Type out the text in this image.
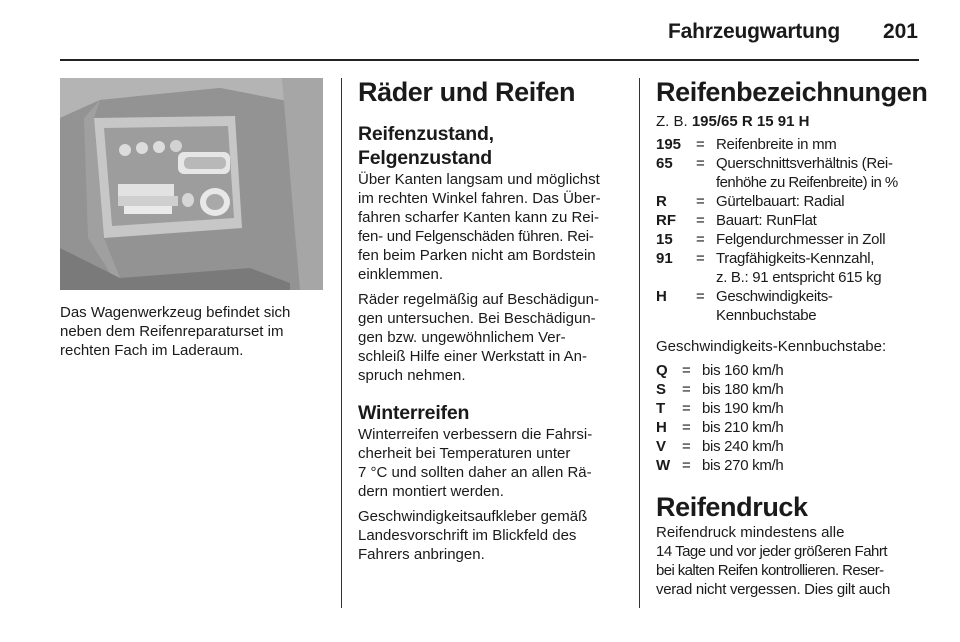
Fahrzeugwartung 201
Das Wagenwerkzeug befindet sich
neben dem Reifenreparaturset im
rechten Fach im Laderaum.
Räder und Reifen
Reifenzustand, Felgenzustand
Über Kanten langsam und möglichst
im rechten Winkel fahren. Das Über-
fahren scharfer Kanten kann zu Rei-
fen- und Felgenschäden führen. Rei-
fen beim Parken nicht am Bordstein
einklemmen.
Räder regelmäßig auf Beschädigun-
gen untersuchen. Bei Beschädigun-
gen bzw. ungewöhnlichem Ver-
schleiß Hilfe einer Werkstatt in An-
spruch nehmen.
Winterreifen
Winterreifen verbessern die Fahrsi-
cherheit bei Temperaturen unter
7 °C und sollten daher an allen Rä-
dern montiert werden.
Geschwindigkeitsaufkleber gemäß
Landesvorschrift im Blickfeld des
Fahrers anbringen.
Reifenbezeichnungen
Z. B. 195/65 R 15 91 H
195 = Reifenbreite in mm
65	= Querschnittsverhältnis (Rei-
fenhöhe zu Reifenbreite) in %
R	= Gürtelbauart: Radial
RF	= Bauart: RunFlat
15	= Felgendurchmesser in Zoll
91	= Tragfähigkeits-Kennzahl,
z. B.: 91 entspricht 615 kg
H	= Geschwindigkeits-
Kennbuchstabe
Geschwindigkeits-Kennbuchstabe:
Q = bis 160 km/h
S	= bis 180 km/h
T	= bis 190 km/h
H	= bis 210 km/h
V	= bis 240 km/h
W = bis 270 km/h
Reifendruck
Reifendruck mindestens alle
14 Tage und vor jeder größeren Fahrt
bei kalten Reifen kontrollieren. Reser-
verad nicht vergessen. Dies gilt auch
